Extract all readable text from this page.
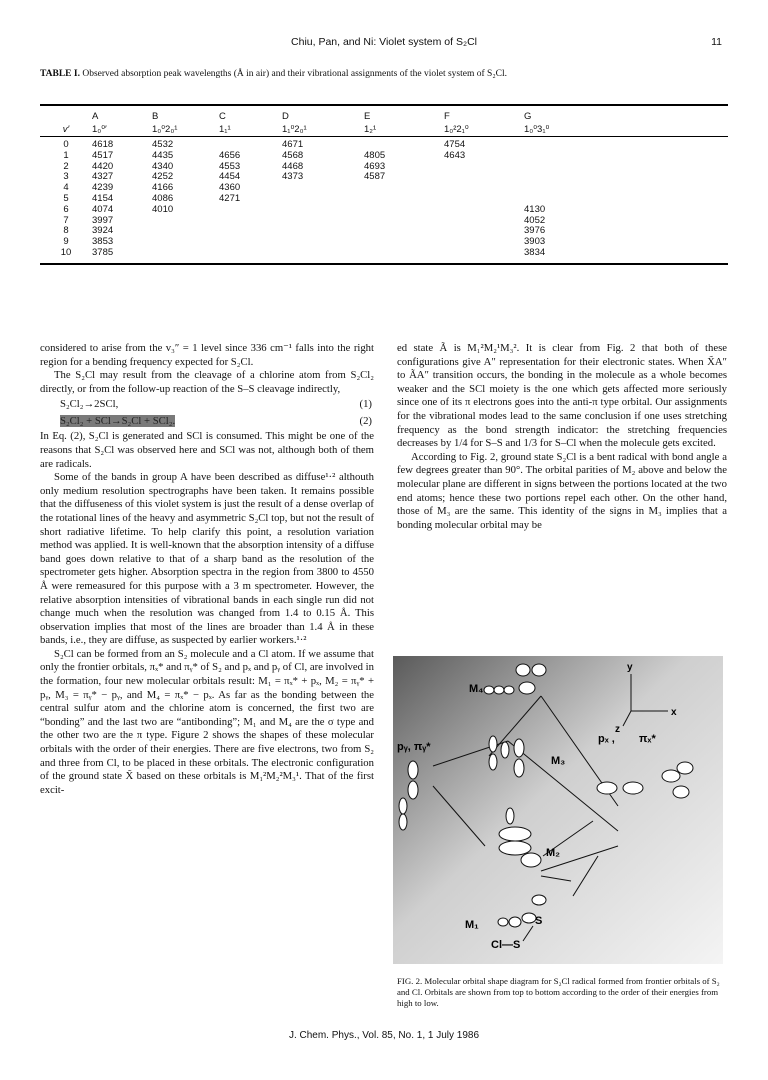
Chiu, Pan, and Ni: Violet system of S₂Cl	11
TABLE I. Observed absorption peak wavelengths (Å in air) and their vibrational assignments of the violet system of S₂Cl.

	A	B	C	D	E	F	G
v′	1₀⁰′	1₀⁰2₀¹	1₁¹	1₁⁰2₀¹	1₂¹	1₀²2₁⁰	1₀⁰3₁⁰

0	4618	4532		4671		4754	
1	4517	4435	4656	4568	4805	4643	
2	4420	4340	4553	4468	4693		
3	4327	4252	4454	4373	4587		
4	4239	4166	4360				
5	4154	4086	4271				
6	4074	4010					4130
7	3997						4052
8	3924						3976
9	3853						3903
10	3785						3834

considered to arise from the v₃″ = 1 level since 336 cm⁻¹ falls into the right region for a bending frequency expected for S₂Cl.

The S₂Cl may result from the cleavage of a chlorine atom from S₂Cl₂ directly, or from the follow-up reaction of the S–S cleavage indirectly,

S₂Cl₂→2SCl,	(1)
S₂Cl₂ + SCl→S₂Cl + SCl₂.	(2)

In Eq. (2), S₂Cl is generated and SCl is consumed. This might be one of the reasons that S₂Cl was observed here and SCl was not, although both of them are radicals.

Some of the bands in group A have been described as diffuse¹·² althouth only medium resolution spectrographs have been taken. It remains possible that the diffuseness of this violet system is just the result of a dense overlap of the rotational lines of the heavy and asymmetric S₂Cl top, but not the result of short radiative lifetime. To help clarify this point, a resolution variation method was applied. It is well-known that the absorption intensity of a diffuse band goes down relative to that of a sharp band as the resolution of the spectrometer gets higher. Absorption spectra in the region from 3800 to 4550 Å were remeasured for this purpose with a 3 m spectrometer. However, the relative absorption intensities of vibrational bands in each single run did not change much when the resolution was changed from 1.4 to 0.15 Å. This observation implies that most of the lines are broader than 1.4 Å in these bands, i.e., they are diffuse, as suspected by earlier workers.¹·²

S₂Cl can be formed from an S₂ molecule and a Cl atom. If we assume that only the frontier orbitals, πₓ* and πᵧ* of S₂ and pₓ and pᵧ of Cl, are involved in the formation, four new molecular orbitals result: M₁ = πₓ* + pₓ, M₂ = πᵧ* + pᵧ, M₃ = πᵧ* − pᵧ, and M₄ = πₓ* − pₓ. As far as the bonding between the central sulfur atom and the chlorine atom is concerned, the first two are “bonding” and the last two are “antibonding”; M₁ and M₄ are the σ type and the other two are the π type. Figure 2 shows the shapes of these molecular orbitals with the order of their energies. There are five electrons, two from S₂ and three from Cl, to be placed in these orbitals. The electronic configuration of the ground state X̃ based on these orbitals is M₁²M₂²M₃¹. That of the first excit-

ed state Ã is M₁²M₂¹M₃². It is clear from Fig. 2 that both of these configurations give A″ representation for their electronic states. When X̃A″ to ÃA″ transition occurs, the bonding in the molecule as a whole becomes weaker and the SCl moiety is the one which gets affected more seriously since one of its π electrons goes into the anti-π type orbital. Our assignments for the vibrational modes lead to the same conclusion if one uses stretching frequency as the bond strength indicator: the stretching frequencies decreases by 1/4 for S–S and 1/3 for S–Cl when the molecule gets excited.

According to Fig. 2, ground state S₂Cl is a bent radical with bond angle a few degrees greater than 90°. The orbital parities of M₂ above and below the molecular plane are different in signs between the portions located at the two end atoms; hence these two portions repel each other. On the other hand, those of M₃ are the same. This identity of the signs in M₃ implies that a bonding molecular orbital may be

M₄
M₃
M₂
M₁
pᵧ, πᵧ*
pₓ , πₓ*
y
x
z
S
Cl—S
FIG. 2. Molecular orbital shape diagram for S₂Cl radical formed from frontier orbitals of S₂ and Cl. Orbitals are shown from top to bottom according to the order of their energies from high to low.
J. Chem. Phys., Vol. 85, No. 1, 1 July 1986
